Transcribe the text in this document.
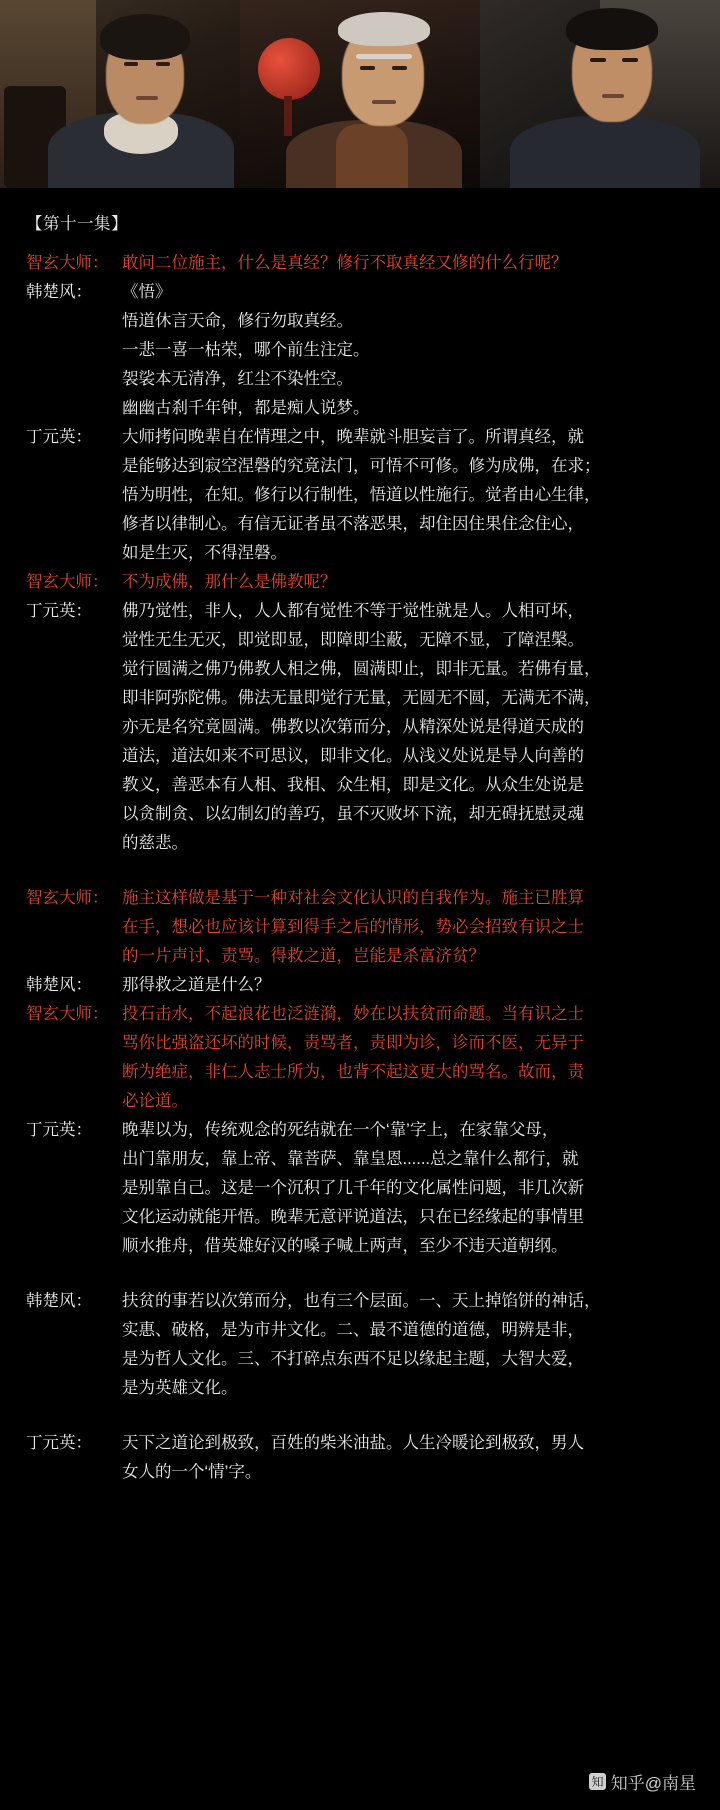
【第十一集】
智玄大师： 敢问二位施主，什么是真经？修行不取真经又修的什么行呢？
韩楚风：	《悟》
悟道休言天命，修行勿取真经。
一悲一喜一枯荣，哪个前生注定。
袈裟本无清净，红尘不染性空。
幽幽古刹千年钟，都是痴人说梦。
丁元英：	大师拷问晚辈自在情理之中，晚辈就斗胆妄言了。所谓真经，就
是能够达到寂空涅磐的究竟法门，可悟不可修。修为成佛，在求；
悟为明性，在知。修行以行制性，悟道以性施行。觉者由心生律，
修者以律制心。有信无证者虽不落恶果，却住因住果住念住心，
如是生灭，不得涅磐。
智玄大师： 不为成佛，那什么是佛教呢？
丁元英：	佛乃觉性，非人，人人都有觉性不等于觉性就是人。人相可坏，
觉性无生无灭，即觉即显，即障即尘蔽，无障不显，了障涅槃。
觉行圆满之佛乃佛教人相之佛，圆满即止，即非无量。若佛有量，
即非阿弥陀佛。佛法无量即觉行无量，无圆无不圆，无满无不满，
亦无是名究竟圆满。佛教以次第而分，从精深处说是得道天成的
道法，道法如来不可思议，即非文化。从浅义处说是导人向善的
教义，善恶本有人相、我相、众生相，即是文化。从众生处说是
以贪制贪、以幻制幻的善巧，虽不灭败坏下流，却无碍抚慰灵魂
的慈悲。
智玄大师： 施主这样做是基于一种对社会文化认识的自我作为。施主已胜算
在手，想必也应该计算到得手之后的情形，势必会招致有识之士
的一片声讨、责骂。得救之道，岂能是杀富济贫？
韩楚风：	那得救之道是什么？
智玄大师： 投石击水，不起浪花也泛涟漪，妙在以扶贫而命题。当有识之士
骂你比强盗还坏的时候，责骂者，责即为诊，诊而不医，无异于
断为绝症，非仁人志士所为，也背不起这更大的骂名。故而，责
必论道。
丁元英：	晚辈以为，传统观念的死结就在一个‘靠’字上，在家靠父母，
出门靠朋友，靠上帝、靠菩萨、靠皇恩......总之靠什么都行，就
是别靠自己。这是一个沉积了几千年的文化属性问题，非几次新
文化运动就能开悟。晚辈无意评说道法，只在已经缘起的事情里
顺水推舟，借英雄好汉的嗓子喊上两声，至少不违天道朝纲。
韩楚风：	扶贫的事若以次第而分，也有三个层面。一、天上掉馅饼的神话，
实惠、破格，是为市井文化。二、最不道德的道德，明辨是非，
是为哲人文化。三、不打碎点东西不足以缘起主题，大智大爱，
是为英雄文化。
丁元英：	天下之道论到极致，百姓的柴米油盐。人生冷暖论到极致，男人
女人的一个‘情’字。
知 知乎@南星
